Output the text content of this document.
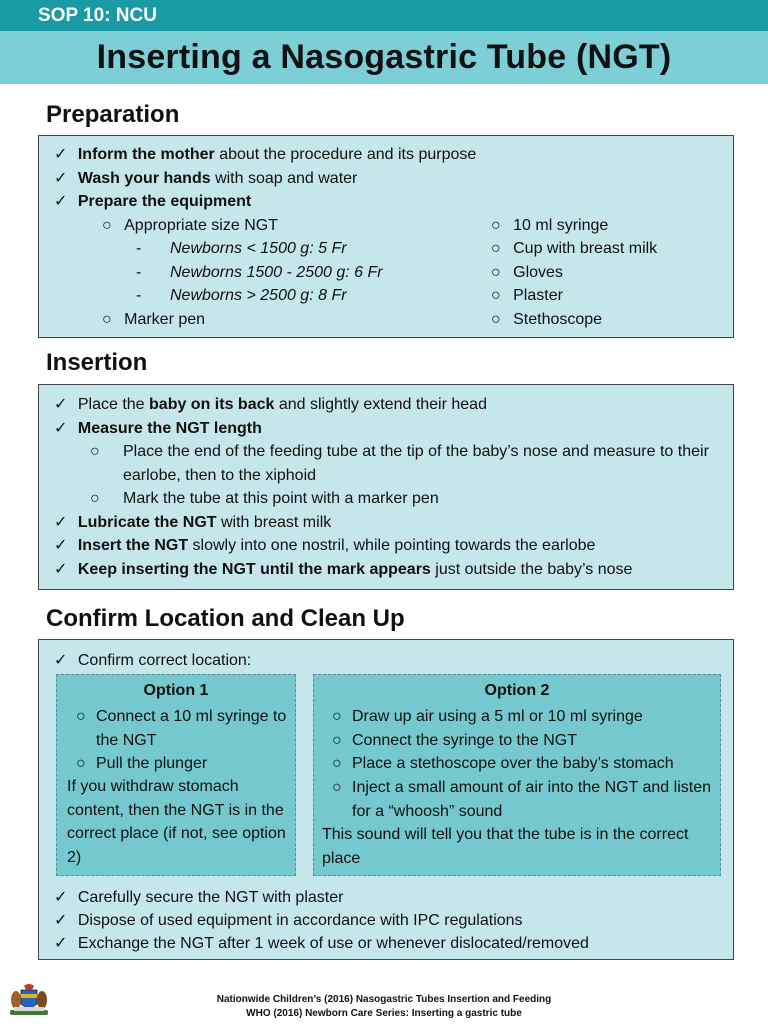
SOP 10: NCU
Inserting a Nasogastric Tube (NGT)
Preparation
✓ Inform the mother about the procedure and its purpose
✓ Wash your hands with soap and water
✓ Prepare the equipment
○ Appropriate size NGT
- Newborns < 1500 g: 5 Fr
- Newborns 1500 - 2500 g: 6 Fr
- Newborns > 2500 g: 8 Fr
○ Marker pen
○ 10 ml syringe
○ Cup with breast milk
○ Gloves
○ Plaster
○ Stethoscope
Insertion
✓ Place the baby on its back and slightly extend their head
✓ Measure the NGT length
○ Place the end of the feeding tube at the tip of the baby’s nose and measure to their earlobe, then to the xiphoid
○ Mark the tube at this point with a marker pen
✓ Lubricate the NGT with breast milk
✓ Insert the NGT slowly into one nostril, while pointing towards the earlobe
✓ Keep inserting the NGT until the mark appears just outside the baby’s nose
Confirm Location and Clean Up
✓ Confirm correct location:
Option 1
○ Connect a 10 ml syringe to the NGT
○ Pull the plunger
If you withdraw stomach content, then the NGT is in the correct place (if not, see option 2)
Option 2
○ Draw up air using a 5 ml or 10 ml syringe
○ Connect the syringe to the NGT
○ Place a stethoscope over the baby’s stomach
○ Inject a small amount of air into the NGT and listen for a “whoosh” sound
This sound will tell you that the tube is in the correct place
✓ Carefully secure the NGT with plaster
✓ Dispose of used equipment in accordance with IPC regulations
✓ Exchange the NGT after 1 week of use or whenever dislocated/removed
Nationwide Children’s (2016) Nasogastric Tubes Insertion and Feeding
WHO (2016) Newborn Care Series: Inserting a gastric tube
